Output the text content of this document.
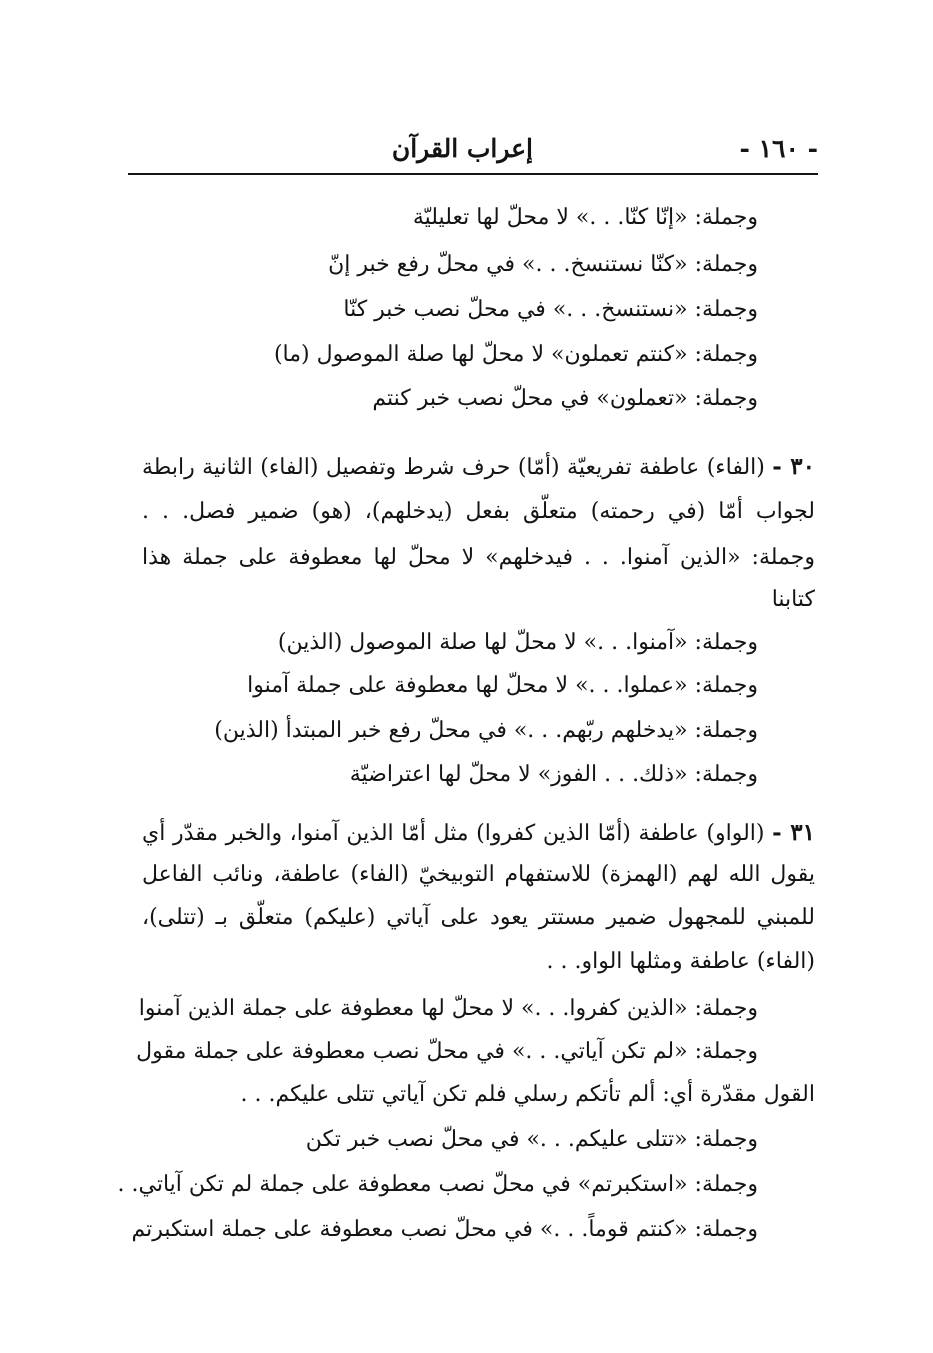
- ١٦٠ -
إعراب القرآن
وجملة: «إنّا كنّا. . .» لا محلّ لها تعليليّة
وجملة: «كنّا نستنسخ. . .» في محلّ رفع خبر إنّ
وجملة: «نستنسخ. . .» في محلّ نصب خبر كنّا
وجملة: «كنتم تعملون» لا محلّ لها صلة الموصول (ما)
وجملة: «تعملون» في محلّ نصب خبر كنتم
٣٠ - (الفاء) عاطفة تفريعيّة (أمّا) حرف شرط وتفصيل (الفاء) الثانية رابطة
لجواب أمّا (في رحمته) متعلّق بفعل (يدخلهم)، (هو) ضمير فصل. . .
وجملة: «الذين آمنوا. . . فيدخلهم» لا محلّ لها معطوفة على جملة هذا
كتابنا
وجملة: «آمنوا. . .» لا محلّ لها صلة الموصول (الذين)
وجملة: «عملوا. . .» لا محلّ لها معطوفة على جملة آمنوا
وجملة: «يدخلهم ربّهم. . .» في محلّ رفع خبر المبتدأ (الذين)
وجملة: «ذلك. . . الفوز» لا محلّ لها اعتراضيّة
٣١ - (الواو) عاطفة (أمّا الذين كفروا) مثل أمّا الذين آمنوا، والخبر مقدّر أي
يقول الله لهم (الهمزة) للاستفهام التوبيخيّ (الفاء) عاطفة، ونائب الفاعل
للمبني للمجهول ضمير مستتر يعود على آياتي (عليكم) متعلّق بـ (تتلى)،
(الفاء) عاطفة ومثلها الواو. . .
وجملة: «الذين كفروا. . .» لا محلّ لها معطوفة على جملة الذين آمنوا
وجملة: «لم تكن آياتي. . .» في محلّ نصب معطوفة على جملة مقول
القول مقدّرة أي: ألم تأتكم رسلي فلم تكن آياتي تتلى عليكم. . .
وجملة: «تتلى عليكم. . .» في محلّ نصب خبر تكن
وجملة: «استكبرتم» في محلّ نصب معطوفة على جملة لم تكن آياتي. .
وجملة: «كنتم قوماً. . .» في محلّ نصب معطوفة على جملة استكبرتم
